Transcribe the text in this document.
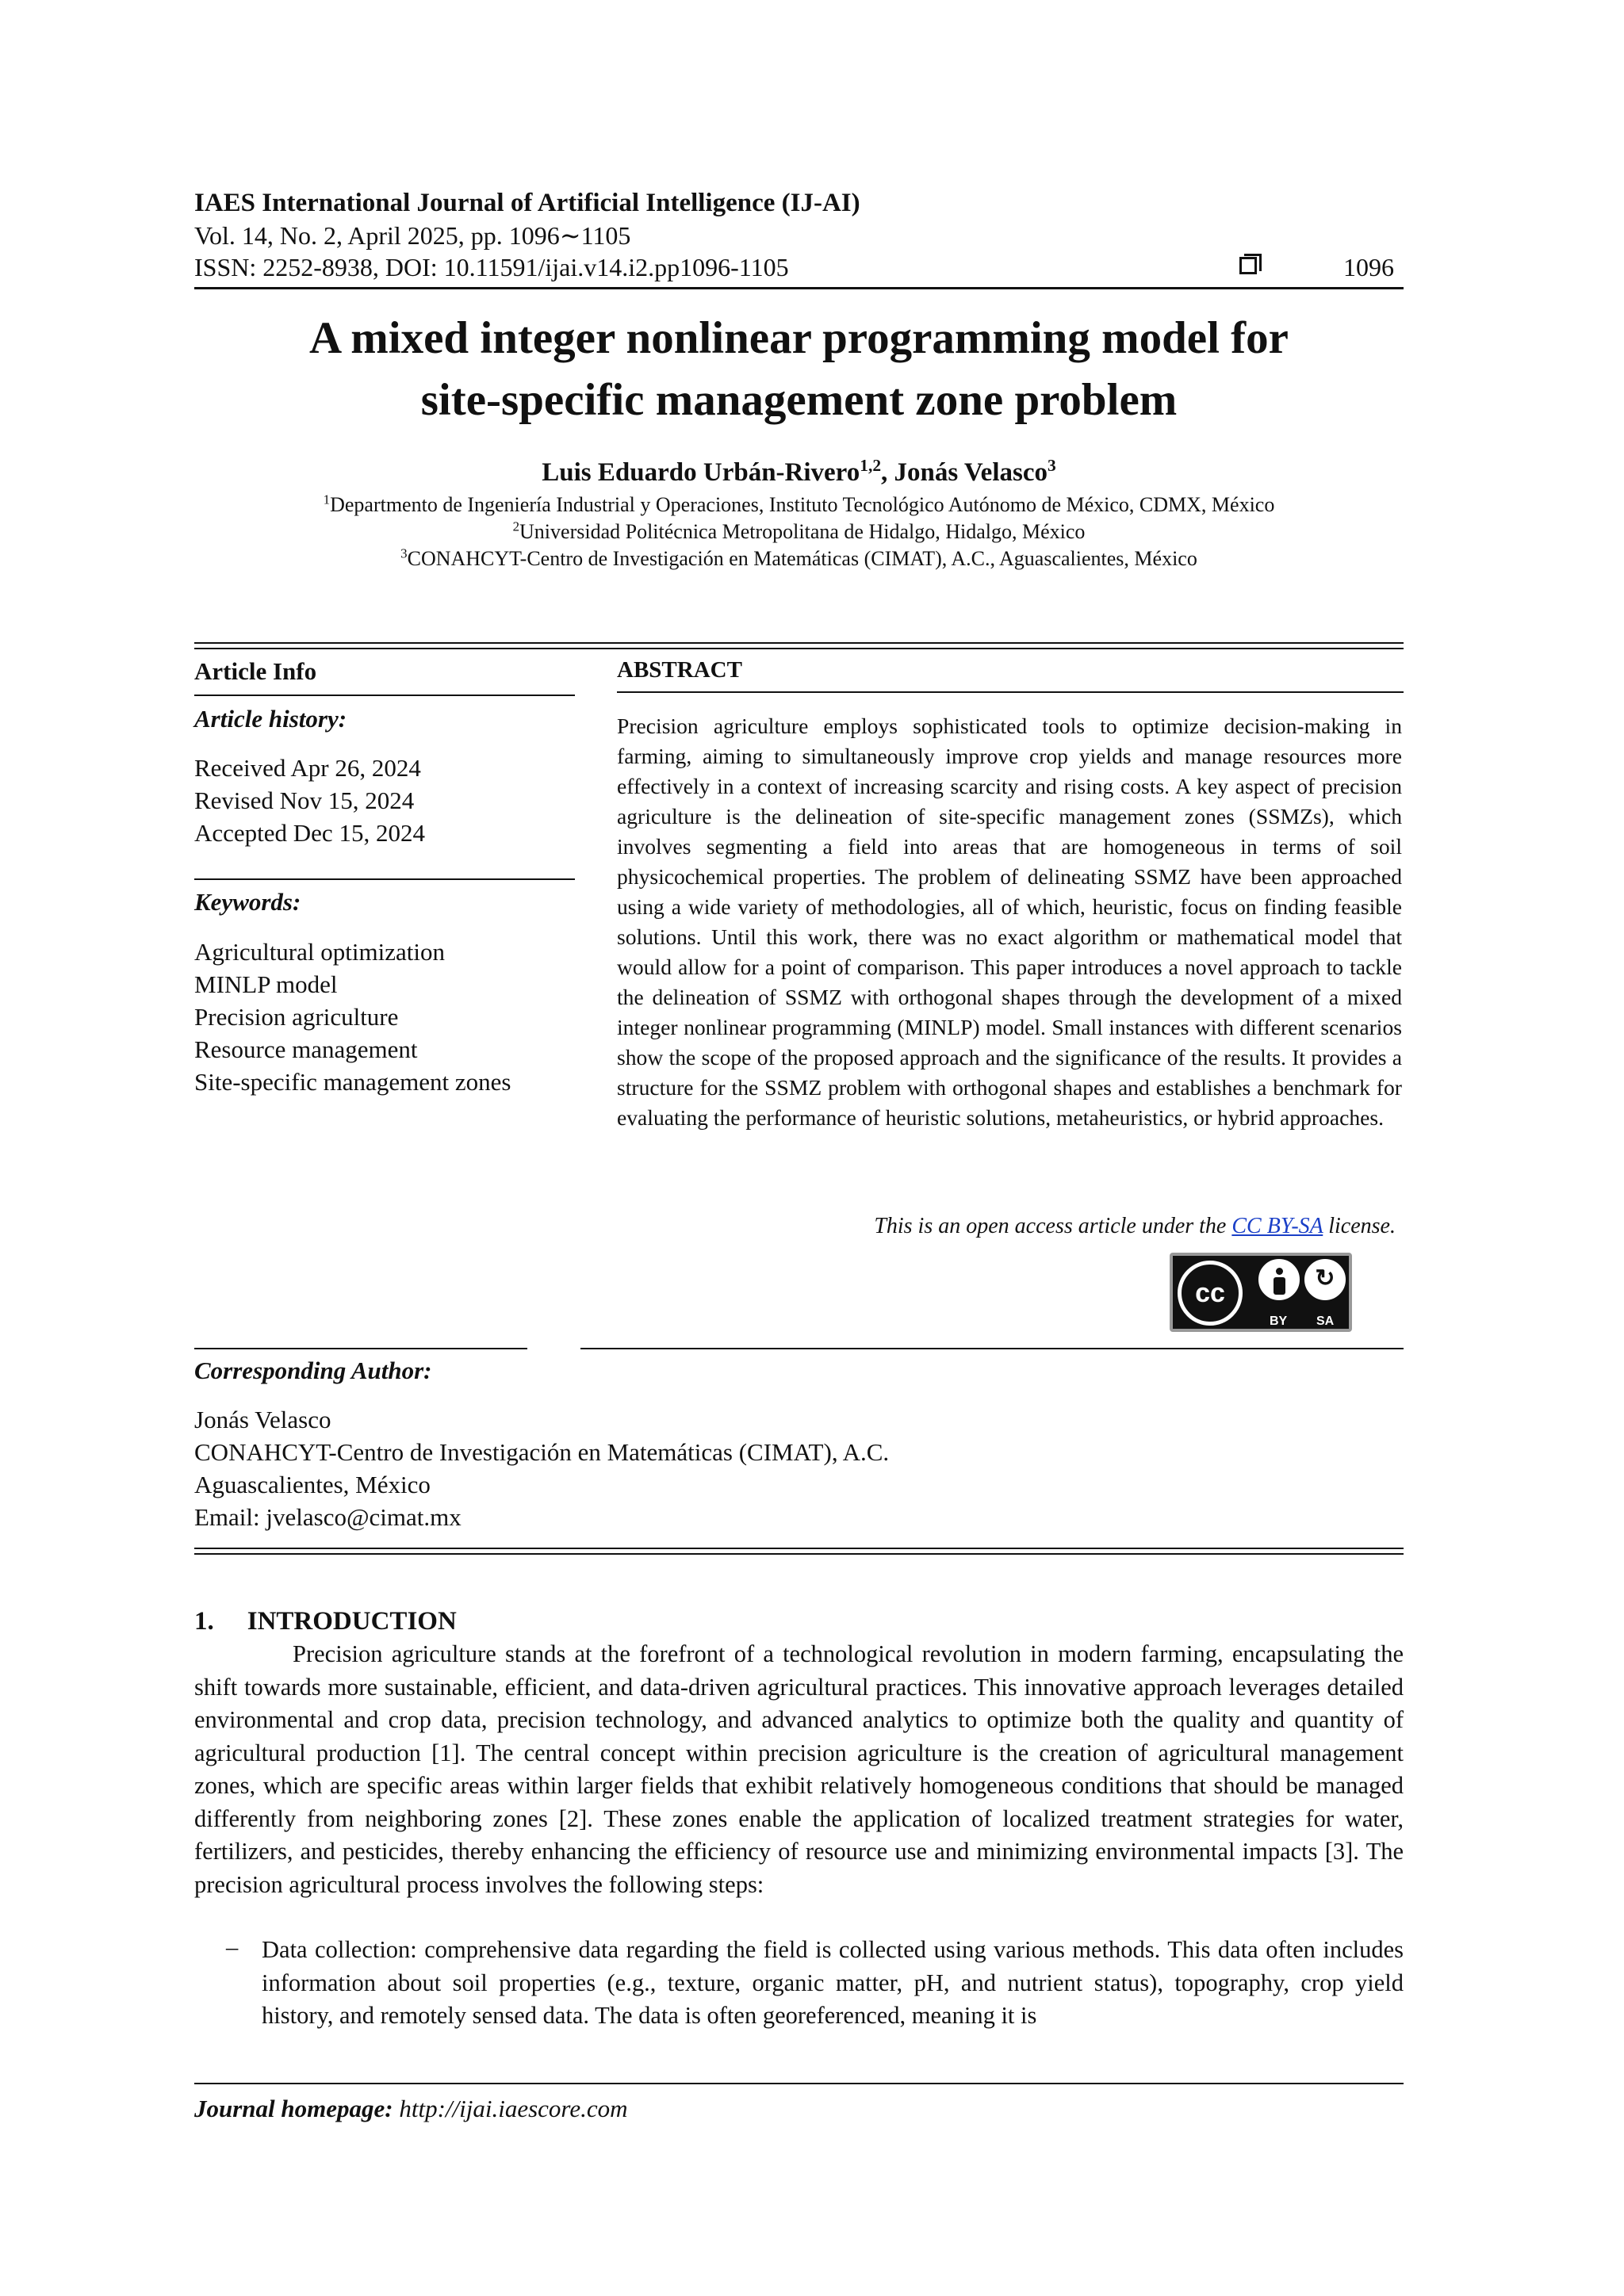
IAES International Journal of Artificial Intelligence (IJ-AI)
Vol. 14, No. 2, April 2025, pp. 1096∼1105
ISSN: 2252-8938, DOI: 10.11591/ijai.v14.i2.pp1096-1105	1096
A mixed integer nonlinear programming model for
site-specific management zone problem
Luis Eduardo Urbán-Rivero$^{1,2}$, Jonás Velasco$^3$
$^1$Departmento de Ingeniería Industrial y Operaciones, Instituto Tecnológico Autónomo de México, CDMX, México
$^2$Universidad Politécnica Metropolitana de Hidalgo, Hidalgo, México
$^3$CONAHCYT-Centro de Investigación en Matemáticas (CIMAT), A.C., Aguascalientes, México
Article Info
Article history:
Received Apr 26, 2024
Revised Nov 15, 2024
Accepted Dec 15, 2024
Keywords:
Agricultural optimization
MINLP model
Precision agriculture
Resource management
Site-specific management zones
ABSTRACT
Precision agriculture employs sophisticated tools to optimize decision-making in farming, aiming to simultaneously improve crop yields and manage resources more effectively in a context of increasing scarcity and rising costs. A key aspect of precision agriculture is the delineation of site-specific management zones (SSMZs), which involves segmenting a field into areas that are homogeneous in terms of soil physicochemical properties. The problem of delineating SSMZ have been approached using a wide variety of methodologies, all of which, heuristic, focus on finding feasible solutions. Until this work, there was no exact algorithm or mathematical model that would allow for a point of comparison. This paper introduces a novel approach to tackle the delineation of SSMZ with orthogonal shapes through the development of a mixed integer nonlinear programming (MINLP) model. Small instances with different scenarios show the scope of the proposed approach and the significance of the results. It provides a structure for the SSMZ problem with orthogonal shapes and establishes a benchmark for evaluating the performance of heuristic solutions, metaheuristics, or hybrid approaches.
This is an open access article under the CC BY-SA license.
cc	↻
BY SA
Corresponding Author:
Jonás Velasco
CONAHCYT-Centro de Investigación en Matemáticas (CIMAT), A.C.
Aguascalientes, México
Email: jvelasco@cimat.mx
1. INTRODUCTION
Precision agriculture stands at the forefront of a technological revolution in modern farming, encapsulating the shift towards more sustainable, efficient, and data-driven agricultural practices. This innovative approach leverages detailed environmental and crop data, precision technology, and advanced analytics to optimize both the quality and quantity of agricultural production [1]. The central concept within precision agriculture is the creation of agricultural management zones, which are specific areas within larger fields that exhibit relatively homogeneous conditions that should be managed differently from neighboring zones [2]. These zones enable the application of localized treatment strategies for water, fertilizers, and pesticides, thereby enhancing the efficiency of resource use and minimizing environmental impacts [3]. The precision agricultural process involves the following steps:
– Data collection: comprehensive data regarding the field is collected using various methods. This data often includes information about soil properties (e.g., texture, organic matter, pH, and nutrient status), topography, crop yield history, and remotely sensed data. The data is often georeferenced, meaning it is
Journal homepage: http://ijai.iaescore.com
